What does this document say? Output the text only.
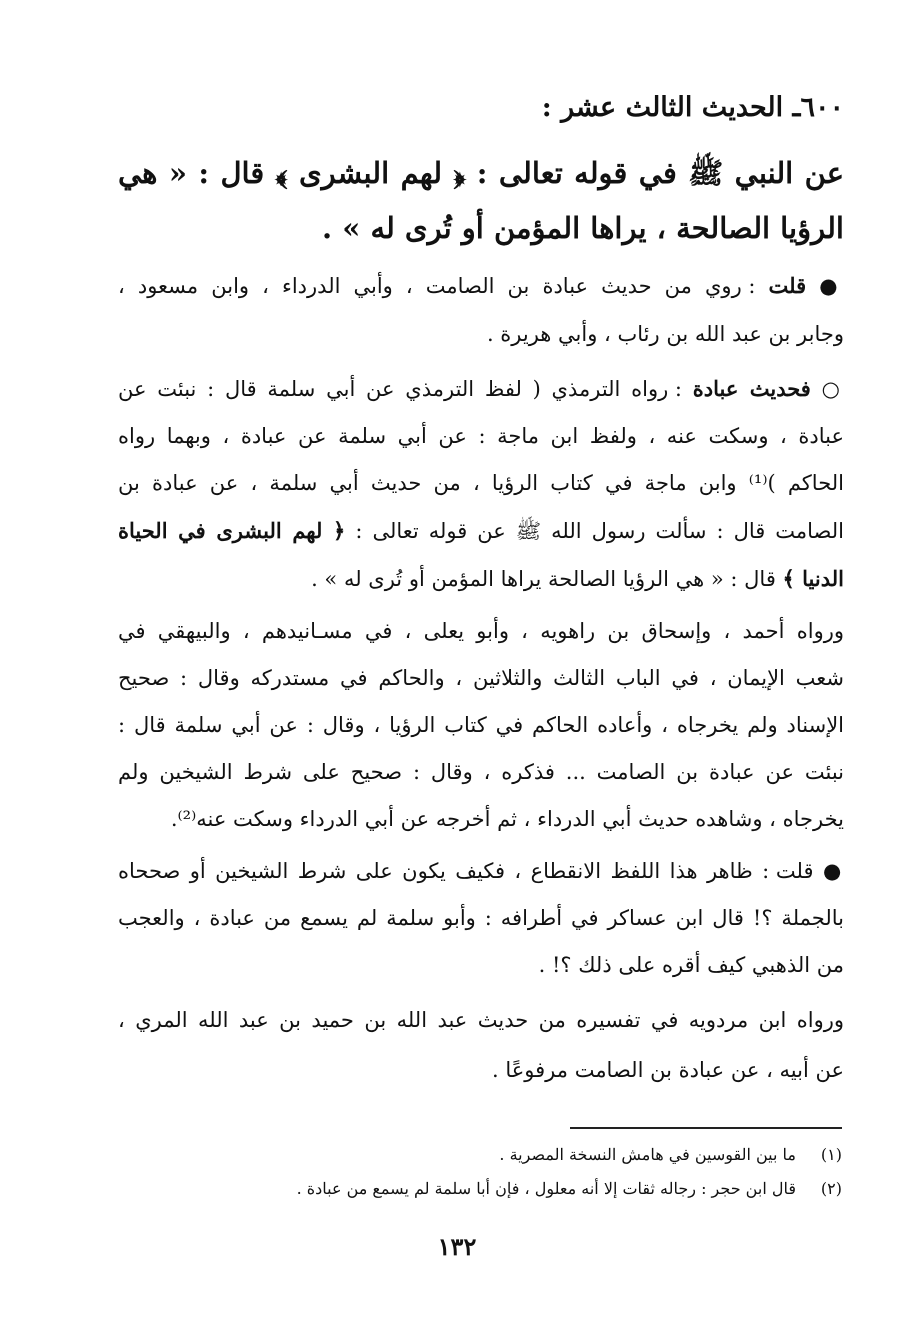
٦٠٠ـ الحديث الثالث عشر :
عن النبي ﷺ في قوله تعالى : ﴿ لهم البشرى ﴾ قال : « هي
الرؤيا الصالحة ، يراها المؤمن أو تُرى له » .
● قلت : روي من حديث عبادة بن الصامت ، وأبي الدرداء ، وابن مسعود ،
وجابر بن عبد الله بن رئاب ، وأبي هريرة .
○ فحديث عبادة : رواه الترمذي ( لفظ الترمذي عن أبي سلمة قال : نبئت عن
عبادة ، وسكت عنه ، ولفظ ابن ماجة : عن أبي سلمة عن عبادة ، وبهما رواه
الحاكم )⁽¹⁾ وابن ماجة في كتاب الرؤيا ، من حديث أبي سلمة ، عن عبادة بن
الصامت قال : سألت رسول الله ﷺ عن قوله تعالى : ﴿ لهم البشرى في الحياة
الدنيا ﴾ قال : « هي الرؤيا الصالحة يراها المؤمن أو تُرى له » .
ورواه أحمد ، وإسحاق بن راهويه ، وأبو يعلى ، في مسـانيدهم ، والبيهقي في
شعب الإيمان ، في الباب الثالث والثلاثين ، والحاكم في مستدركه وقال : صحيح
الإسناد ولم يخرجاه ، وأعاده الحاكم في كتاب الرؤيا ، وقال : عن أبي سلمة قال :
نبئت عن عبادة بن الصامت ... فذكره ، وقال : صحيح على شرط الشيخين ولم
يخرجاه ، وشاهده حديث أبي الدرداء ، ثم أخرجه عن أبي الدرداء وسكت عنه⁽²⁾.
● قلت : ظاهر هذا اللفظ الانقطاع ، فكيف يكون على شرط الشيخين أو صححاه
بالجملة ؟! قال ابن عساكر في أطرافه : وأبو سلمة لم يسمع من عبادة ، والعجب
من الذهبي كيف أقره على ذلك ؟! .
ورواه ابن مردويه في تفسيره من حديث عبد الله بن حميد بن عبد الله المري ،
عن أبيه ، عن عبادة بن الصامت مرفوعًا .
(١)ما بين القوسين في هامش النسخة المصرية .
(٢)قال ابن حجر : رجاله ثقات إلا أنه معلول ، فإن أبا سلمة لم يسمع من عبادة .
١٣٢
